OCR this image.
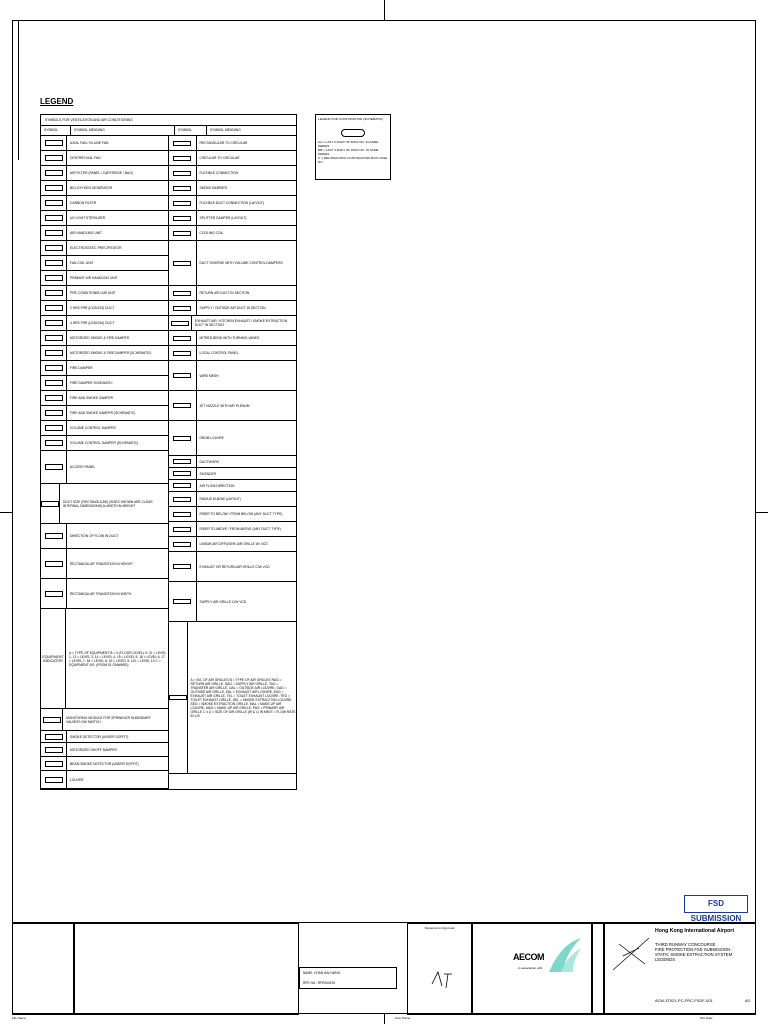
LEGEND
SYMBOLS FOR VENTILATION AND AIR CONDITIONING
SYMBOL	SYMBOL MEANING	SYMBOL	SYMBOL MEANING
AXIAL FAN / IN-LINE FAN
CENTRIFUGAL FAN
AIR FILTER (PANEL / CARTRIDGE / BAG)
BIO-OXYGEN GENERATOR
CARBON FILTER
UV LIGHT STERILIZER
AIR HANDLING UNIT
ELECTROSTATIC PRECIPITATOR
FAN COIL UNIT
PRIMARY AIR HANDLING UNIT
PRE CONDITIONED AIR UNIT
2 HRS FRR (I/120/120) DUCT
4 HRS FRR (I/240/240) DUCT
MOTORIZED SMOKE & FIRE DAMPER
MOTORIZED SMOKE & FIRE DAMPER (SCHEMATIC)
FIRE DAMPER
FIRE DAMPER SCHEMATIC
FIRE AND SMOKE DAMPER
FIRE AND SMOKE DAMPER (SCHEMATIC)
VOLUME CONTROL DAMPER
VOLUME CONTROL DAMPER (SCHEMATIC)
ACCESS PANEL
DUCT SIZE (RECTANGULAR) (SIZES SHOWN ARE CLEAR INTERNAL DIMENSIONS) A=WIDTH B=HEIGHT
DIRECTION OF FLOW IN DUCT
RECTANGULAR TRANSITION IN HEIGHT
RECTANGULAR TRANSITION IN WIDTH
EQUIPMENT INDICATOR
A = TYPE OF EQUIPMENT B = X (FLOOR LEVEL) X: 11 = LEVEL 1, 13 = LEVEL 3, 14 = LEVEL 4, 15 = LEVEL 5, 16 = LEVEL 6, 17 = LEVEL 7, 18 = LEVEL 8, 19 = LEVEL 9, 110 = LEVEL 10 C = EQUIPMENT NO. (FROM 01 ONWARD)
MONITORING MODULE FOR SPRINKLER SUBSIDIARY VALVE/FLOW SWITCH
SMOKE DETECTOR (UNDER SOFFIT)
MOTORIZED SHOFF DAMPER
BEAM SMOKE DETECTOR (UNDER SOFFIT)
LOUVER
RECTANGULAR TO CIRCULAR
CIRCULAR TO CIRCULAR
FLEXIBLE CONNECTION
SMOKE BARRIER
FLEXIBLE DUCT CONNECTION (LAYOUT)
SPLITTER DAMPER (LAYOUT)
COOLING COIL
DUCT DIVERGE WITH VOLUME CONTROL DAMPERS
RETURN AIR DUCT IN SECTION
SUPPLY / OUTSIDE AIR DUCT IN SECTION
EXHAUST AIR / KITCHEN EXHAUST / SMOKE EXTRACTION DUCT IN SECTION
MITRED BEND WITH TURNING VANES
LOCAL CONTROL PANEL
WIRE MESH
JET NOZZLE WITH AIR PLENUM
DRUM LOUVRE
DUCTWORK
SILENCER
AIR FLOW DIRECTION
RADIUS ELBOW (LAYOUT)
RISER TO BELOW / FROM BELOW (ANY DUCT TYPE)
RISER TO ABOVE / FROM ABOVE (ANY DUCT TYPE)
LINEAR AIR DIFFUSER/ AIR GRILLE W/ VCD
EXHAUST OR RETURN AIR GRILLE C/W VCD
SUPPLY AIR GRILLE C/W VCD
A = NO. OF AIR GRILLES B = TYPE OF AIR GRILLES RAG = RETURN AIR GRILLE, SAG = SUPPLY AIR GRILLE, TAG = TRANSFER AIR GRILLE, OAL = OUTSIDE AIR LOUVRE, OAG = OUTSIDE AIR GRILLE, EAL = EXHAUST AIR LOUVRE, EAG = EXHAUST AIR GRILLE, TEL = TOILET EXHAUST LOUVRE, TEG = TOILET EXHAUST GRILLE, SEL = SMOKE EXTRACTION LOUVRE, SEG = SMOKE EXTRACTION GRILLE, MAL = MAKE-UP AIR LOUVRE, MAG = MAKE-UP AIR GRILLE, PAG = PRIMARY AIR GRILLE C x D = SIZE OF AIR GRILLE (W & L) IN MM E = FLOW RATE IN L/S
LEGEND FOR CONTINUATION (SCHEMATIC)
AA = LAST 3 DIGIT OF DWG NO. IN SAME SERIES
BB = LAST 3 DIGIT OF DWG NO. IN SAME SERIES
C = RELATED DWG CONTINUATION BOX CASE NO.
FSD SUBMISSION

NAME: CHAN HAU WING
RPE NO.: RPE000476
Signature for Approval
AECOM
in association with
Hong Kong International Airport
THIRD RUNWAY CONCOURSE
FIRE PROTECTION FSD SUBMISSION
STATIC SMOKE EXTRACTION SYSTEM
LEGENDS
ACM-3T021-PC-FRC-FSDF-001	A0
File Name:	User Name:	Plot Date:
